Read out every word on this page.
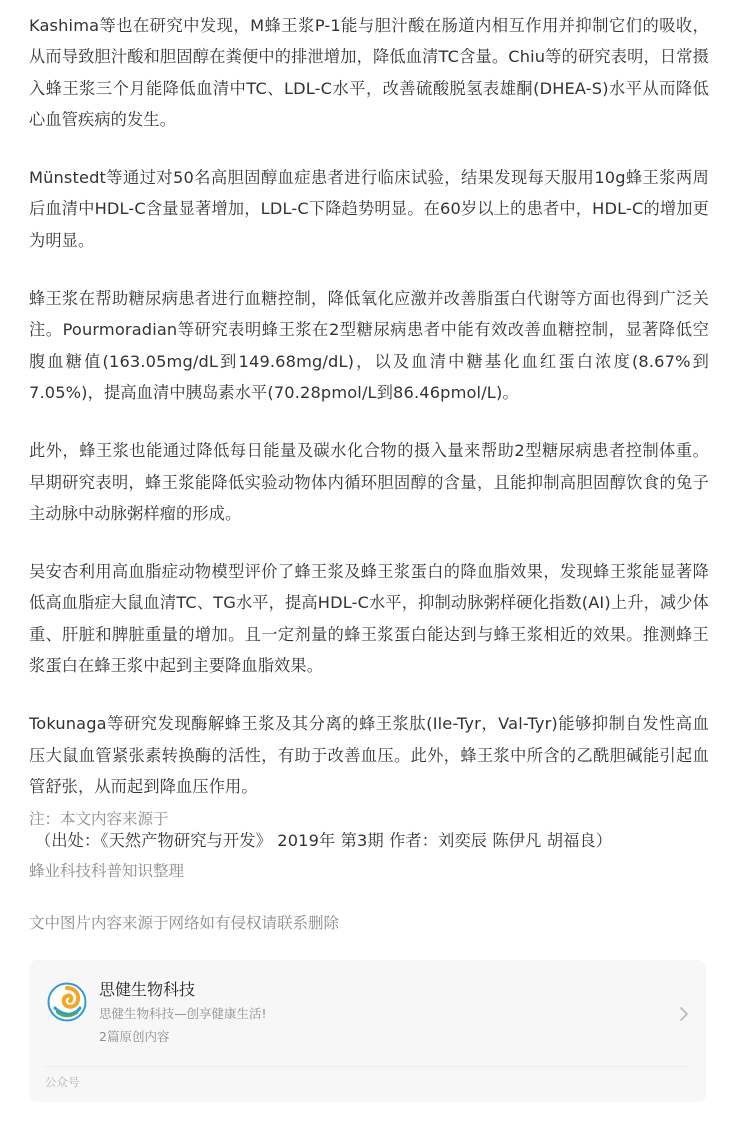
Kashima等也在研究中发现，M蜂王浆P-1能与胆汁酸在肠道内相互作用并抑制它们的吸收，从而导致胆汁酸和胆固醇在粪便中的排泄增加，降低血清TC含量。Chiu等的研究表明，日常摄入蜂王浆三个月能降低血清中TC、LDL-C水平，改善硫酸脱氢表雄酮(DHEA-S)水平从而降低心血管疾病的发生。

Münstedt等通过对50名高胆固醇血症患者进行临床试验，结果发现每天服用10g蜂王浆两周后血清中HDL-C含量显著增加，LDL-C下降趋势明显。在60岁以上的患者中，HDL-C的增加更为明显。

蜂王浆在帮助糖尿病患者进行血糖控制，降低氧化应激并改善脂蛋白代谢等方面也得到广泛关注。Pourmoradian等研究表明蜂王浆在2型糖尿病患者中能有效改善血糖控制，显著降低空腹血糖值(163.05mg/dL到149.68mg/dL)，以及血清中糖基化血红蛋白浓度(8.67%到7.05%)，提高血清中胰岛素水平(70.28pmol/L到86.46pmol/L)。

此外，蜂王浆也能通过降低每日能量及碳水化合物的摄入量来帮助2型糖尿病患者控制体重。早期研究表明，蜂王浆能降低实验动物体内循环胆固醇的含量，且能抑制高胆固醇饮食的兔子主动脉中动脉粥样瘤的形成。

吴安杏利用高血脂症动物模型评价了蜂王浆及蜂王浆蛋白的降血脂效果，发现蜂王浆能显著降低高血脂症大鼠血清TC、TG水平，提高HDL-C水平，抑制动脉粥样硬化指数(AI)上升，减少体重、肝脏和脾脏重量的增加。且一定剂量的蜂王浆蛋白能达到与蜂王浆相近的效果。推测蜂王浆蛋白在蜂王浆中起到主要降血脂效果。

Tokunaga等研究发现酶解蜂王浆及其分离的蜂王浆肽(Ile-Tyr，Val-Tyr)能够抑制自发性高血压大鼠血管紧张素转换酶的活性，有助于改善血压。此外，蜂王浆中所含的乙酰胆碱能引起血管舒张，从而起到降血压作用。

（出处：《天然产物研究与开发》 2019年 第3期 作者：刘奕辰 陈伊凡 胡福良）

注：本文内容来源于

蜂业科技科普知识整理

文中图片内容来源于网络如有侵权请联系删除

思健生物科技
思健生物科技—创享健康生活!
2篇原创内容
公众号
